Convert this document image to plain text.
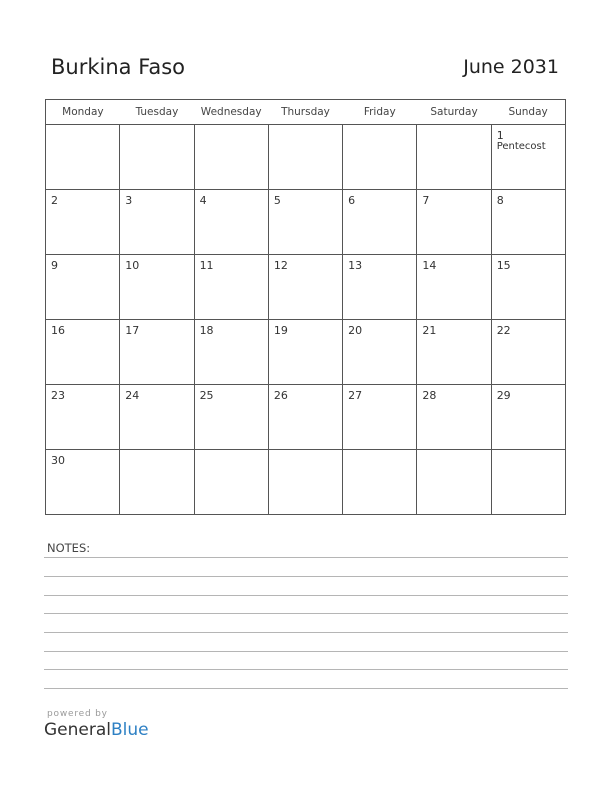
Burkina Faso	June 2031
Monday	Tuesday	Wednesday	Thursday	Friday	Saturday	Sunday

						1
Pentecost

2	3	4	5	6	7	8

9	10	11	12	13	14	15

16	17	18	19	20	21	22

23	24	25	26	27	28	29

30						

NOTES:
powered by
GeneralBlue
